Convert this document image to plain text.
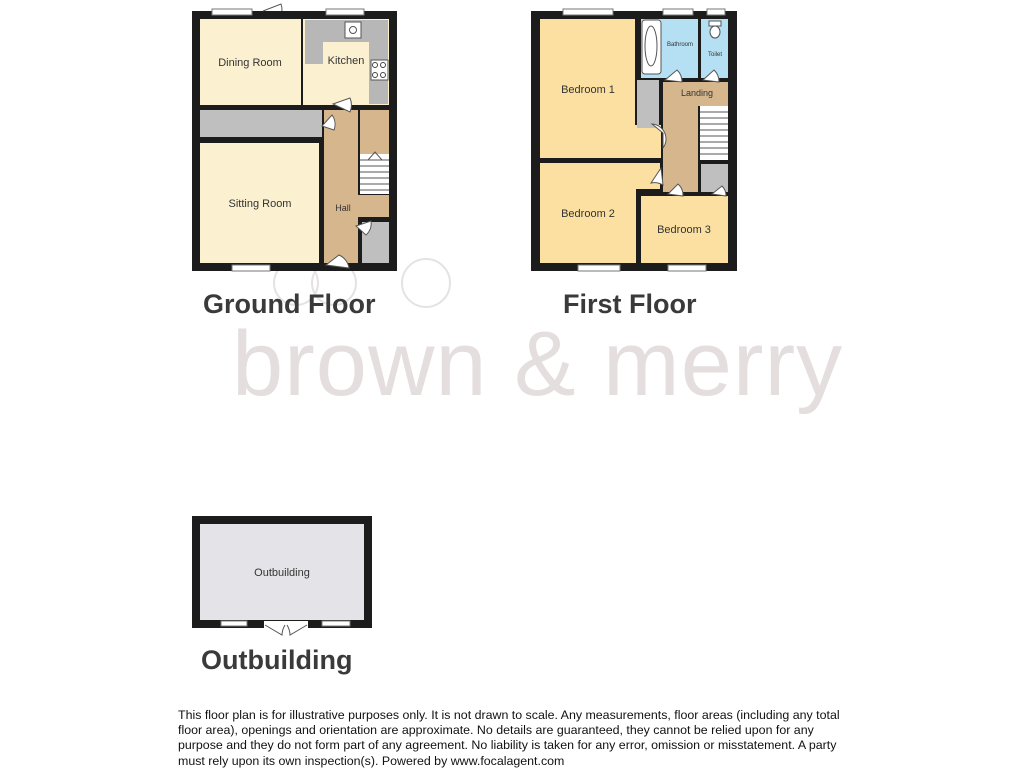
brown & merry
Dining Room	Kitchen
Sitting Room	Hall
Bedroom 1
Bathroom
Toilet
Landing
Bedroom 2
Bedroom 3
Outbuilding
Ground Floor	First Floor
Outbuilding
This floor plan is for illustrative purposes only. It is not drawn to scale. Any measurements, floor areas (including any total floor area), openings and orientation are approximate. No details are guaranteed, they cannot be relied upon for any purpose and they do not form part of any agreement. No liability is taken for any error, omission or misstatement. A party must rely upon its own inspection(s). Powered by www.focalagent.com
